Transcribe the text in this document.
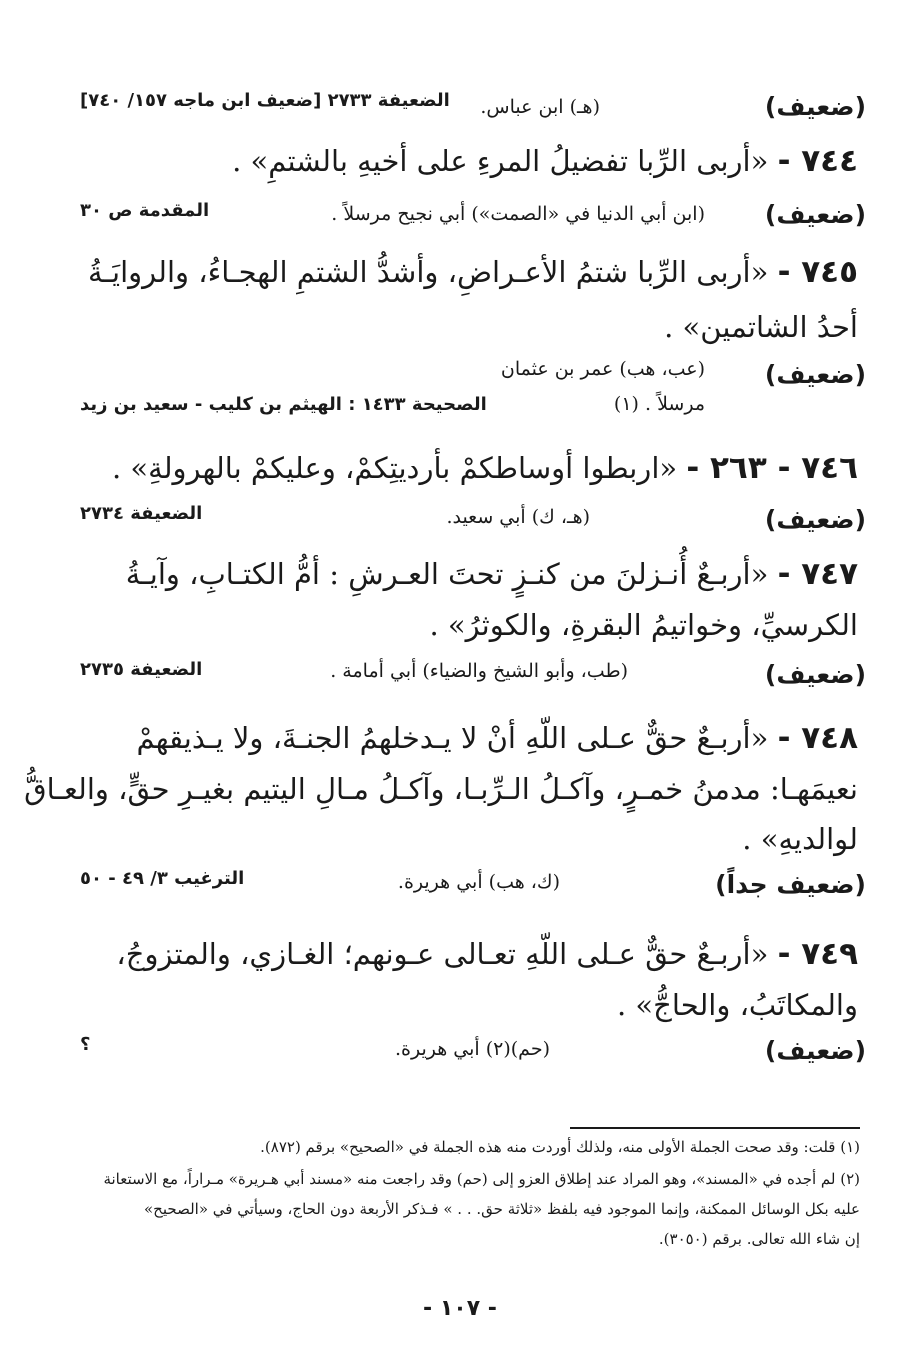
(ضعيف)
(هـ) ابن عباس.
الضعيفة ٢٧٣٣ [ضعيف ابن ماجه ١٥٧/ ٧٤٠]
٧٤٤ - «أربى الرِّبا تفضيلُ المرءِ على أخيهِ بالشتمِ» .
(ضعيف)
(ابن أبي الدنيا في «الصمت») أبي نجيح مرسلاً .
المقدمة ص ٣٠
٧٤٥ - «أربى الرِّبا شتمُ الأعـراضِ، وأشدُّ الشتمِ الهجـاءُ، والروايَـةُ
أحدُ الشاتمين» .
(ضعيف)
(عب، هب) عمر بن عثمان
مرسلاً . (١)
الصحيحة ١٤٣٣ : الهيثم بن كليب - سعيد بن زيد
٧٤٦ - ٢٦٣ - «اربطوا أوساطكمْ بأرديتِكمْ، وعليكمْ بالهرولةِ» .
(ضعيف)
(هـ، ك) أبي سعيد.
الضعيفة ٢٧٣٤
٧٤٧ - «أربـعٌ أُنـزلنَ من كنـزٍ تحتَ العـرشِ : أمُّ الكتـابِ، وآيـةُ
الكرسيِّ، وخواتيمُ البقرةِ، والكوثرُ» .
(ضعيف)
(طب، وأبو الشيخ والضياء) أبي أمامة .
الضعيفة ٢٧٣٥
٧٤٨ - «أربـعٌ حقٌّ عـلى اللّهِ أنْ لا يـدخلهمُ الجنـةَ، ولا يـذيقهمْ
نعيمَهـا: مدمنُ خمـرٍ، وآكـلُ الـرِّبـا، وآكـلُ مـالِ اليتيم بغيـرِ حقٍّ، والعـاقُّ
لوالديهِ» .
(ضعيف جداً)
(ك، هب) أبي هريرة.
الترغيب ٣/ ٤٩ - ٥٠
٧٤٩ - «أربـعٌ حقٌّ عـلى اللّهِ تعـالى عـونهم؛ الغـازي، والمتزوجُ،
والمكاتَبُ، والحاجُّ» .
(ضعيف)
(حم)(٢) أبي هريرة.
؟
(١) قلت: وقد صحت الجملة الأولى منه، ولذلك أوردت منه هذه الجملة في «الصحيح» برقم (٨٧٢).
(٢) لم أجده في «المسند»، وهو المراد عند إطلاق العزو إلى (حم) وقد راجعت منه «مسند أبي هـريرة» مـراراً، مع الاستعانة
عليه بكل الوسائل الممكنة، وإنما الموجود فيه بلفظ «ثلاثة حق. . . » فـذكر الأربعة دون الحاج، وسيأتي في «الصحيح»
إن شاء الله تعالى. برقم (٣٠٥٠).
- ١٠٧ -
